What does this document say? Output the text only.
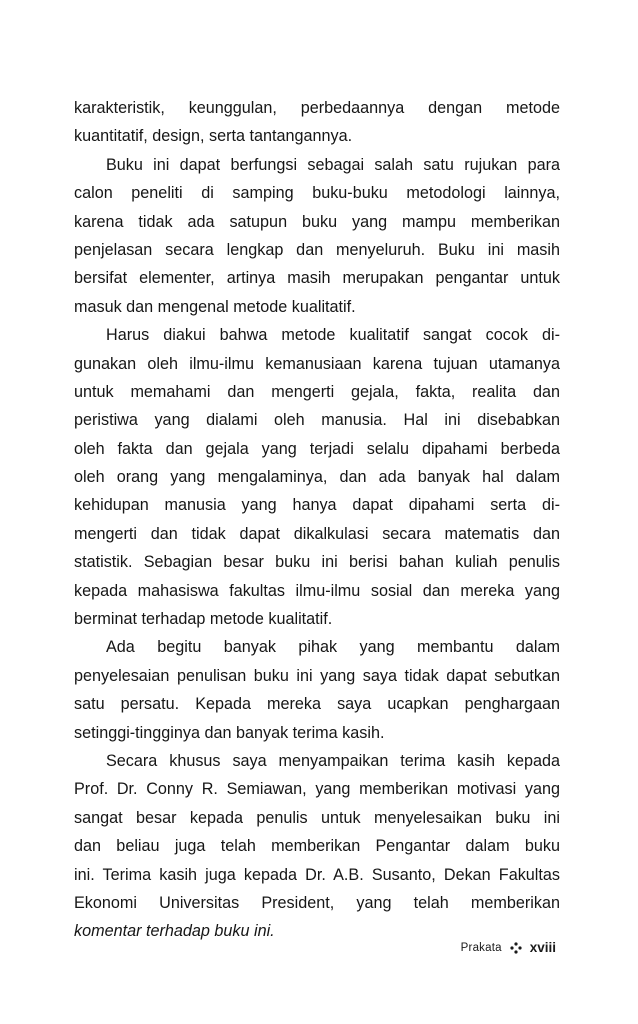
karakteristik, keunggulan, perbedaannya dengan metode
kuantitatif, design, serta tantangannya.
Buku ini dapat berfungsi sebagai salah satu rujukan para
calon peneliti di samping buku-buku metodologi lainnya,
karena tidak ada satupun buku yang mampu memberikan
penjelasan secara lengkap dan menyeluruh. Buku ini masih
bersifat elementer, artinya masih merupakan pengantar untuk
masuk dan mengenal metode kualitatif.
Harus diakui bahwa metode kualitatif sangat cocok di-
gunakan oleh ilmu-ilmu kemanusiaan karena tujuan utamanya
untuk memahami dan mengerti gejala, fakta, realita dan
peristiwa yang dialami oleh manusia. Hal ini disebabkan
oleh fakta dan gejala yang terjadi selalu dipahami berbeda
oleh orang yang mengalaminya, dan ada banyak hal dalam
kehidupan manusia yang hanya dapat dipahami serta di-
mengerti dan tidak dapat dikalkulasi secara matematis dan
statistik. Sebagian besar buku ini berisi bahan kuliah penulis
kepada mahasiswa fakultas ilmu-ilmu sosial dan mereka yang
berminat terhadap metode kualitatif.
Ada begitu banyak pihak yang membantu dalam
penyelesaian penulisan buku ini yang saya tidak dapat sebutkan
satu persatu. Kepada mereka saya ucapkan penghargaan
setinggi-tingginya dan banyak terima kasih.
Secara khusus saya menyampaikan terima kasih kepada
Prof. Dr. Conny R. Semiawan, yang memberikan motivasi yang
sangat besar kepada penulis untuk menyelesaikan buku ini
dan beliau juga telah memberikan Pengantar dalam buku
ini. Terima kasih juga kepada Dr. A.B. Susanto, Dekan Fakultas
Ekonomi Universitas President, yang telah memberikan
komentar terhadap buku ini.
Prakata xviii
